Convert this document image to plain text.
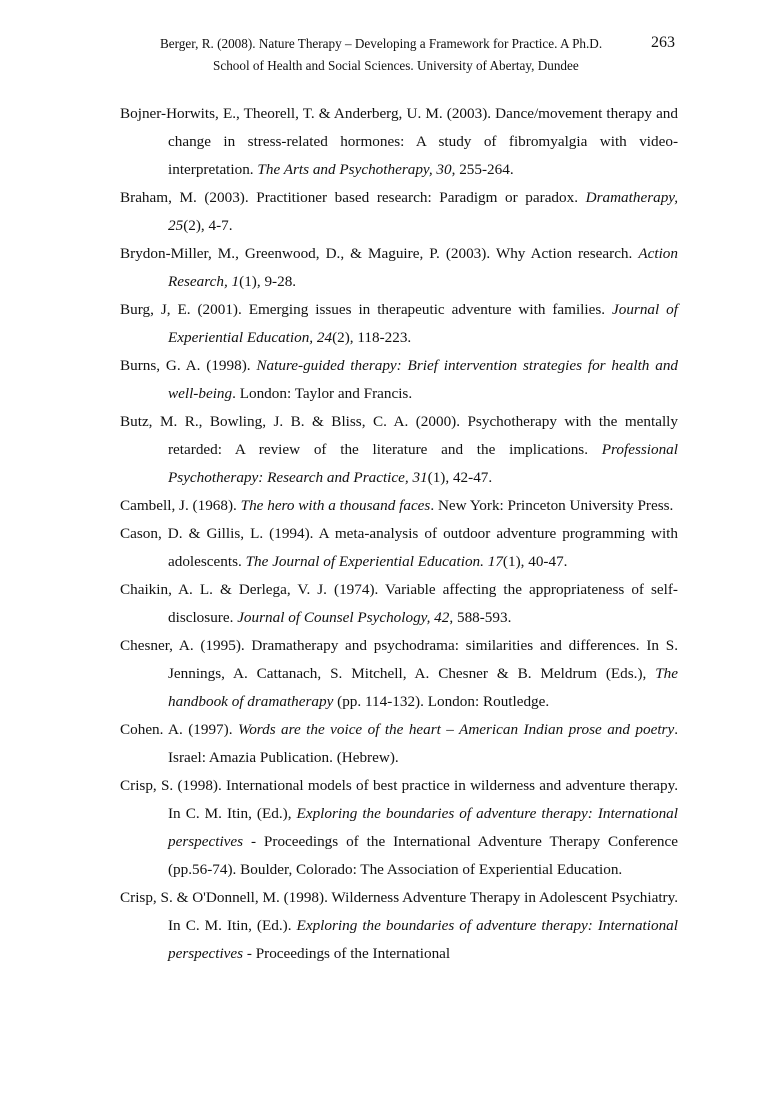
Berger, R. (2008). Nature Therapy – Developing a Framework for Practice. A Ph.D.	263
School of Health and Social Sciences. University of Abertay, Dundee

Bojner-Horwits, E., Theorell, T. & Anderberg, U. M. (2003). Dance/movement therapy and change in stress-related hormones: A study of fibromyalgia with video-interpretation. The Arts and Psychotherapy, 30, 255-264.

Braham, M. (2003). Practitioner based research: Paradigm or paradox. Dramatherapy, 25(2), 4-7.

Brydon-Miller, M., Greenwood, D., & Maguire, P. (2003). Why Action research. Action Research, 1(1), 9-28.

Burg, J, E. (2001). Emerging issues in therapeutic adventure with families. Journal of Experiential Education, 24(2), 118-223.

Burns, G. A. (1998). Nature-guided therapy: Brief intervention strategies for health and well-being. London: Taylor and Francis.

Butz, M. R., Bowling, J. B. & Bliss, C. A. (2000). Psychotherapy with the mentally retarded: A review of the literature and the implications. Professional Psychotherapy: Research and Practice, 31(1), 42-47.

Cambell, J. (1968). The hero with a thousand faces. New York: Princeton University Press.

Cason, D. & Gillis, L. (1994). A meta-analysis of outdoor adventure programming with adolescents. The Journal of Experiential Education. 17(1), 40-47.

Chaikin, A. L. & Derlega, V. J. (1974). Variable affecting the appropriateness of self-disclosure. Journal of Counsel Psychology, 42, 588-593.

Chesner, A. (1995). Dramatherapy and psychodrama: similarities and differences. In S. Jennings, A. Cattanach, S. Mitchell, A. Chesner & B. Meldrum (Eds.), The handbook of dramatherapy (pp. 114-132). London: Routledge.

Cohen. A. (1997). Words are the voice of the heart – American Indian prose and poetry. Israel: Amazia Publication. (Hebrew).

Crisp, S. (1998). International models of best practice in wilderness and adventure therapy. In C. M. Itin, (Ed.), Exploring the boundaries of adventure therapy: International perspectives - Proceedings of the International Adventure Therapy Conference (pp.56-74). Boulder, Colorado: The Association of Experiential Education.

Crisp, S. & O'Donnell, M. (1998). Wilderness Adventure Therapy in Adolescent Psychiatry. In C. M. Itin, (Ed.). Exploring the boundaries of adventure therapy: International perspectives - Proceedings of the International
